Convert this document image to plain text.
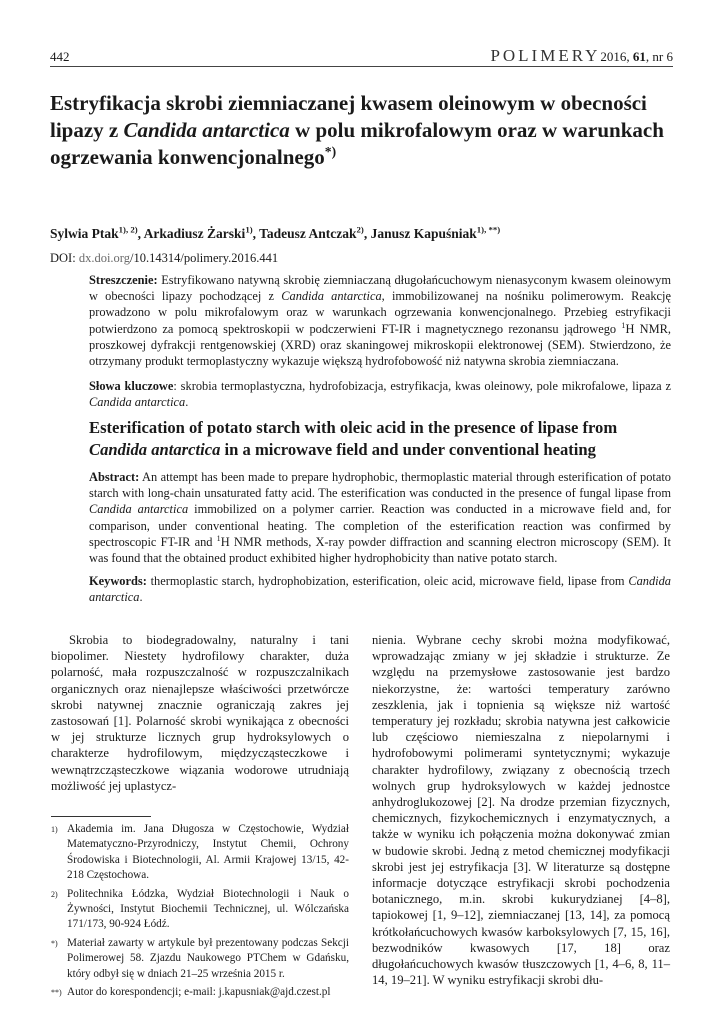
442	POLIMERY2016, 61, nr 6
Estryfikacja skrobi ziemniaczanej kwasem oleinowym w obecności lipazy z Candida antarctica w polu mikrofalowym oraz w warunkach ogrzewania konwencjonalnego*)
Sylwia Ptak$^{1), 2)}$, Arkadiusz Żarski$^{1)}$, Tadeusz Antczak$^{2)}$, Janusz Kapuśniak$^{1), **)}$
DOI: dx.doi.org/10.14314/polimery.2016.441
Streszczenie: Estryfikowano natywną skrobię ziemniaczaną długołańcuchowym nienasyconym kwasem oleinowym w obecności lipazy pochodzącej z Candida antarctica, immobilizowanej na nośniku polimerowym. Reakcję prowadzono w polu mikrofalowym oraz w warunkach ogrzewania konwencjonalnego. Przebieg estryfikacji potwierdzono za pomocą spektroskopii w podczerwieni FT-IR i magnetycznego rezonansu jądrowego $^1$H NMR, proszkowej dyfrakcji rentgenowskiej (XRD) oraz skaningowej mikroskopii elektronowej (SEM). Stwierdzono, że otrzymany produkt termoplastyczny wykazuje większą hydrofobowość niż natywna skrobia ziemniaczana.
Słowa kluczowe: skrobia termoplastyczna, hydrofobizacja, estryfikacja, kwas oleinowy, pole mikrofalowe, lipaza z Candida antarctica.
Esterification of potato starch with oleic acid in the presence of lipase from Candida antarctica in a microwave field and under conventional heating
Abstract: An attempt has been made to prepare hydrophobic, thermoplastic material through esterification of potato starch with long-chain unsaturated fatty acid. The esterification was conducted in the presence of fungal lipase from Candida antarctica immobilized on a polymer carrier. Reaction was conducted in a microwave field and, for comparison, under conventional heating. The completion of the esterification reaction was confirmed by spectroscopic FT-IR and $^1$H NMR methods, X-ray powder diffraction and scanning electron microscopy (SEM). It was found that the obtained product exhibited higher hydrophobicity than native potato starch.
Keywords: thermoplastic starch, hydrophobization, esterification, oleic acid, microwave field, lipase from Candida antarctica.
Skrobia to biodegradowalny, naturalny i tani biopolimer. Niestety hydrofilowy charakter, duża polarność, mała rozpuszczalność w rozpuszczalnikach organicznych oraz nienajlepsze właściwości przetwórcze skrobi natywnej znacznie ograniczają zakres jej zastosowań [1]. Polarność skrobi wynikająca z obecności w jej strukturze licznych grup hydroksylowych o charakterze hydrofilowym, międzycząsteczkowe i wewnątrzcząsteczkowe wiązania wodorowe utrudniają możliwość jej uplastycz-
nienia. Wybrane cechy skrobi można modyfikować, wprowadzając zmiany w jej składzie i strukturze. Ze względu na przemysłowe zastosowanie jest bardzo niekorzystne, że: wartości temperatury zarówno zeszklenia, jak i topnienia są większe niż wartość temperatury jej rozkładu; skrobia natywna jest całkowicie lub częściowo niemieszalna z niepolarnymi i hydrofobowymi polimerami syntetycznymi; wykazuje charakter hydrofilowy, związany z obecnością trzech wolnych grup hydroksylowych w każdej jednostce anhydroglukozowej [2]. Na drodze przemian fizycznych, chemicznych, fizykochemicznych i enzymatycznych, a także w wyniku ich połączenia można dokonywać zmian w budowie skrobi. Jedną z metod chemicznej modyfikacji skrobi jest jej estryfikacja [3]. W literaturze są dostępne informacje dotyczące estryfikacji skrobi pochodzenia botanicznego, m.in. skrobi kukurydzianej [4–8], tapiokowej [1, 9–12], ziemniaczanej [13, 14], za pomocą krótkołańcuchowych kwasów karboksylowych [7, 15, 16], bezwodników kwasowych [17, 18] oraz długołańcuchowych kwasów tłuszczowych [1, 4–6, 8, 11–14, 19–21]. W wyniku estryfikacji skrobi dłu-
1) Akademia im. Jana Długosza w Częstochowie, Wydział Matematyczno-Przyrodniczy, Instytut Chemii, Ochrony Środowiska i Biotechnologii, Al. Armii Krajowej 13/15, 42-218 Częstochowa.
2) Politechnika Łódzka, Wydział Biotechnologii i Nauk o Żywności, Instytut Biochemii Technicznej, ul. Wólczańska 171/173, 90-924 Łódź.
*) Materiał zawarty w artykule był prezentowany podczas Sekcji Polimerowej 58. Zjazdu Naukowego PTChem w Gdańsku, który odbył się w dniach 21–25 września 2015 r.
**) Autor do korespondencji; e-mail: j.kapusniak@ajd.czest.pl
